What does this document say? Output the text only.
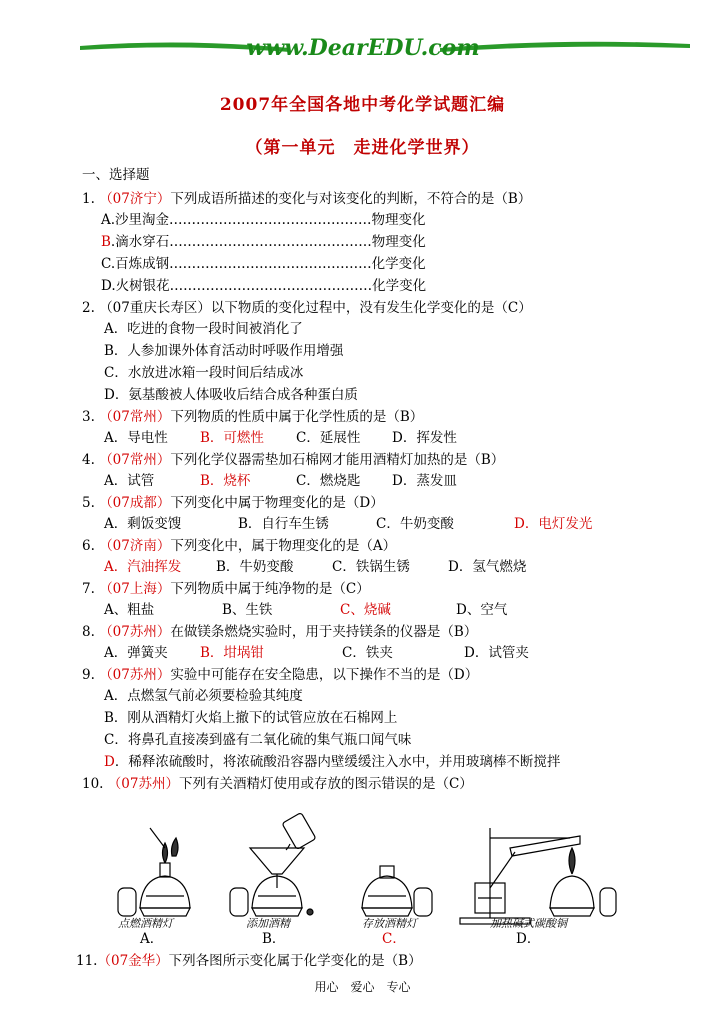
www.DearEDU.com
2007年全国各地中考化学试题汇编
（第一单元　走进化学世界）
一、选择题
1. （07济宁）下列成语所描述的变化与对该变化的判断，不符合的是（B）
A.沙里淘金………………………………………物理变化
B.滴水穿石………………………………………物理变化
C.百炼成钢………………………………………化学变化
D.火树银花………………………………………化学变化
2. （07重庆长寿区）以下物质的变化过程中，没有发生化学变化的是（C）
A．吃进的食物一段时间被消化了
B．人参加课外体育活动时呼吸作用增强
C．水放进冰箱一段时间后结成冰
D．氨基酸被人体吸收后结合成各种蛋白质
3. （07常州）下列物质的性质中属于化学性质的是（B）
A．导电性 B．可燃性 C．延展性 D．挥发性
4. （07常州）下列化学仪器需垫加石棉网才能用酒精灯加热的是（B）
A．试管	B．烧杯	C．燃烧匙 D．蒸发皿
5. （07成都）下列变化中属于物理变化的是（D）
A．剩饭变馊	B．自行车生锈	C．牛奶变酸	D．电灯发光
6. （07济南）下列变化中，属于物理变化的是（A）
A．汽油挥发	B．牛奶变酸	C．铁锅生锈	D．氢气燃烧
7. （07上海）下列物质中属于纯净物的是（C）
A、粗盐	B、生铁	C、烧碱	D、空气
8. （07苏州）在做镁条燃烧实验时，用于夹持镁条的仪器是（B）
A．弹簧夹 B．坩埚钳	C．铁夹	D．试管夹
9. （07苏州）实验中可能存在安全隐患，以下操作不当的是（D）
A．点燃氢气前必须要检验其纯度
B．刚从酒精灯火焰上撤下的试管应放在石棉网上
C．将鼻孔直接凑到盛有二氧化硫的集气瓶口闻气味
D．稀释浓硫酸时，将浓硫酸沿容器内壁缓缓注入水中，并用玻璃棒不断搅拌
10. （07苏州）下列有关酒精灯使用或存放的图示错误的是（C）
点燃酒精灯	添加酒精	存放酒精灯	加热碱式碳酸铜
A．	B．	C．	D．
11.（07金华）下列各图所示变化属于化学变化的是（B）
用心　爱心　专心
